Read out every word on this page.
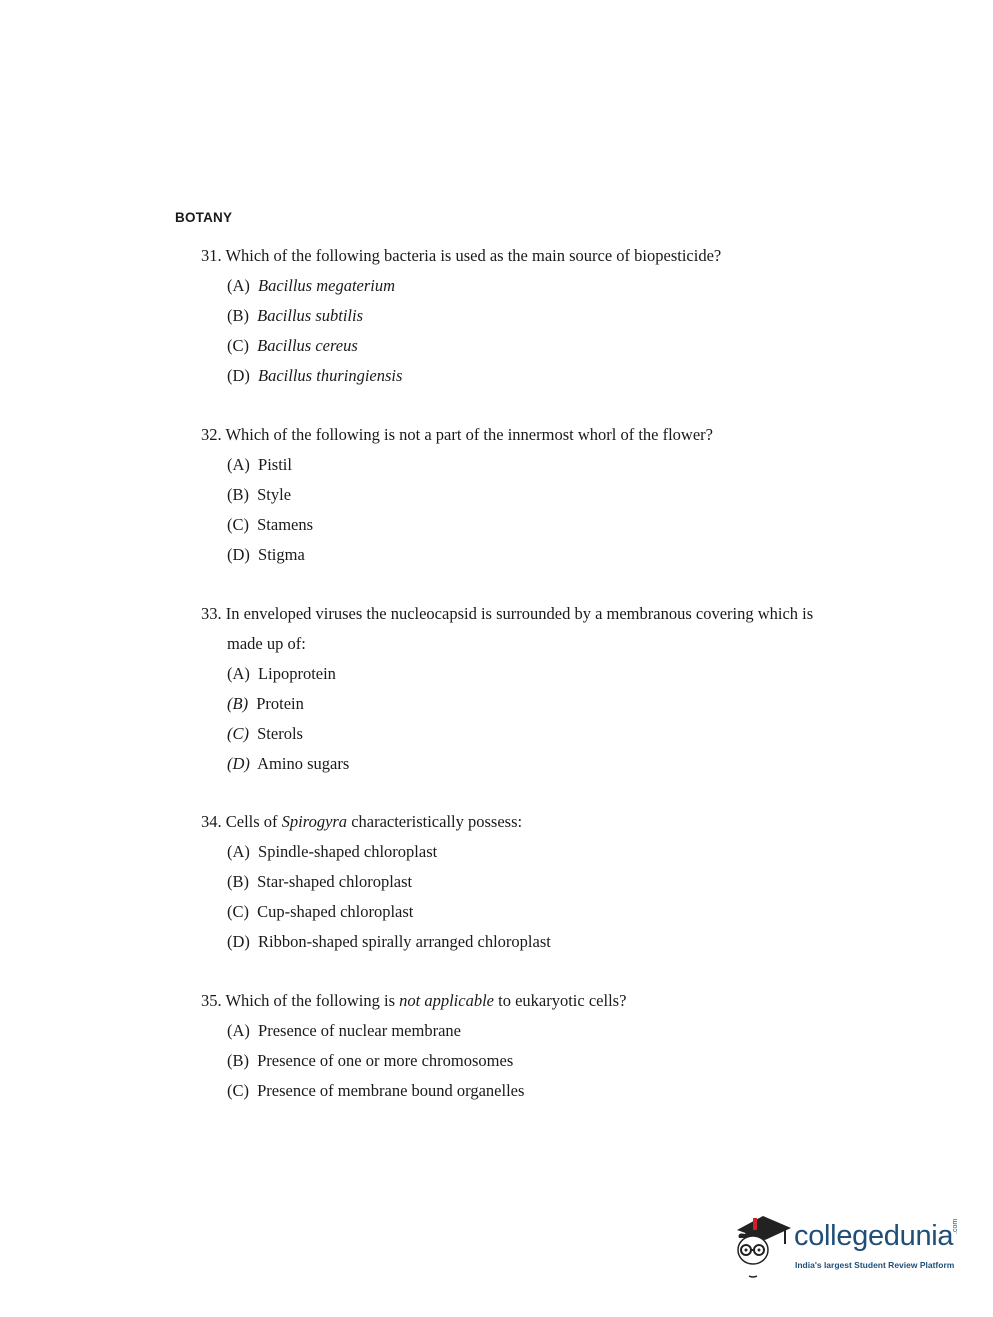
BOTANY

31. Which of the following bacteria is used as the main source of biopesticide?

(A) Bacillus megaterium
(B) Bacillus subtilis
(C) Bacillus cereus
(D) Bacillus thuringiensis

32. Which of the following is not a part of the innermost whorl of the flower?

(A) Pistil
(B) Style
(C) Stamens
(D) Stigma

33. In enveloped viruses the nucleocapsid is surrounded by a membranous covering which is

made up of:

(A) Lipoprotein
(B) Protein
(C) Sterols
(D) Amino sugars

34. Cells of Spirogyra characteristically possess:

(A) Spindle-shaped chloroplast
(B) Star-shaped chloroplast
(C) Cup-shaped chloroplast
(D) Ribbon-shaped spirally arranged chloroplast

35. Which of the following is not applicable to eukaryotic cells?

(A) Presence of nuclear membrane
(B) Presence of one or more chromosomes
(C) Presence of membrane bound organelles
collegedunia
.com
India's largest Student Review Platform
